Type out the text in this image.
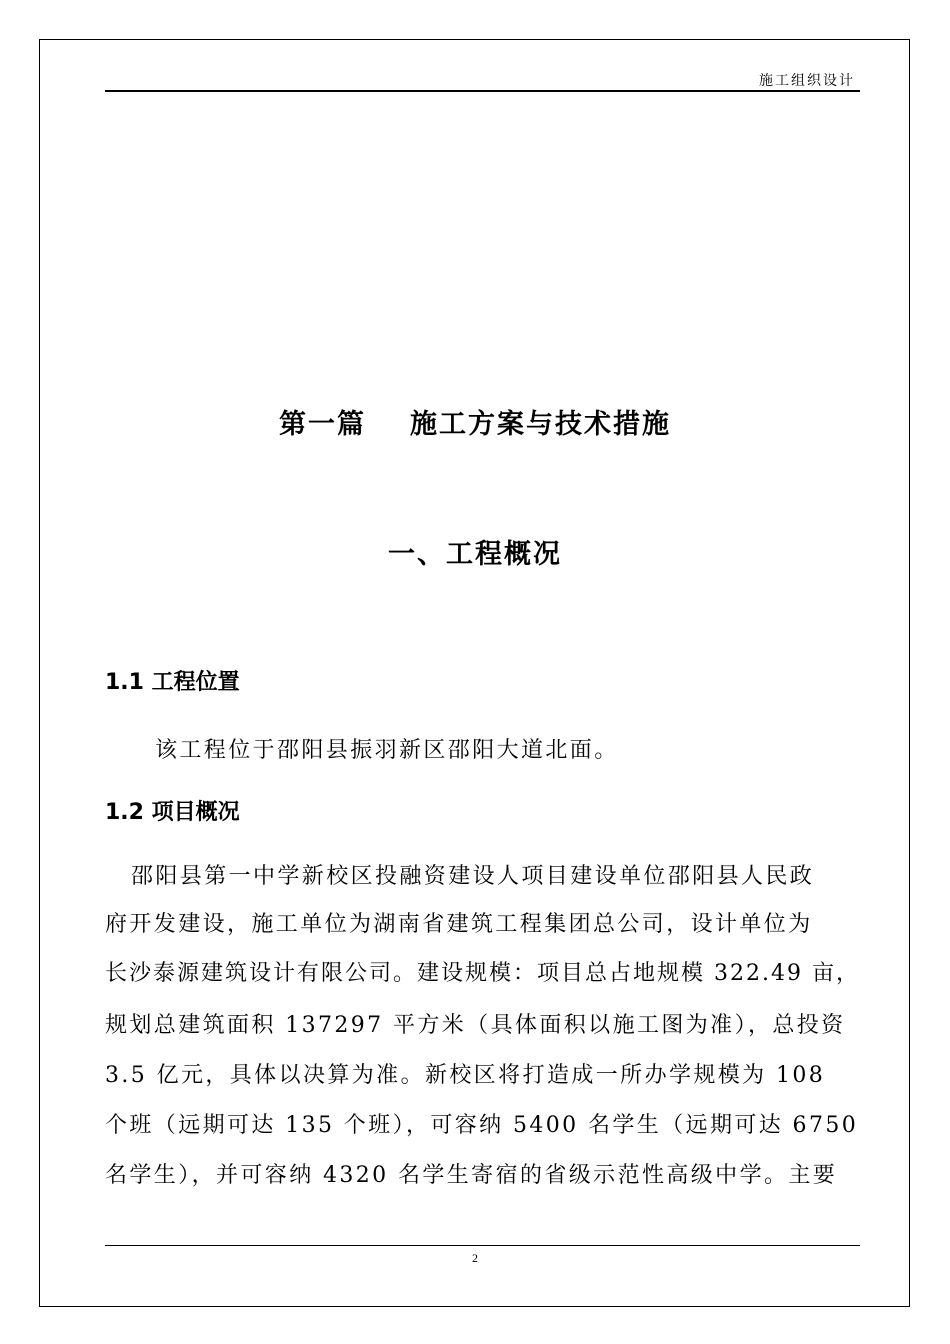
施工组织设计
第一篇 施工方案与技术措施
一、工程概况
1.1 工程位置
该工程位于邵阳县振羽新区邵阳大道北面。
1.2 项目概况
邵阳县第一中学新校区投融资建设人项目建设单位邵阳县人民政
府开发建设，施工单位为湖南省建筑工程集团总公司，设计单位为
长沙泰源建筑设计有限公司。建设规模：项目总占地规模 322.49 亩，
规划总建筑面积 137297 平方米（具体面积以施工图为准），总投资
3.5 亿元，具体以决算为准。新校区将打造成一所办学规模为 108
个班（远期可达 135 个班），可容纳 5400 名学生（远期可达 6750
名学生），并可容纳 4320 名学生寄宿的省级示范性高级中学。主要
2
